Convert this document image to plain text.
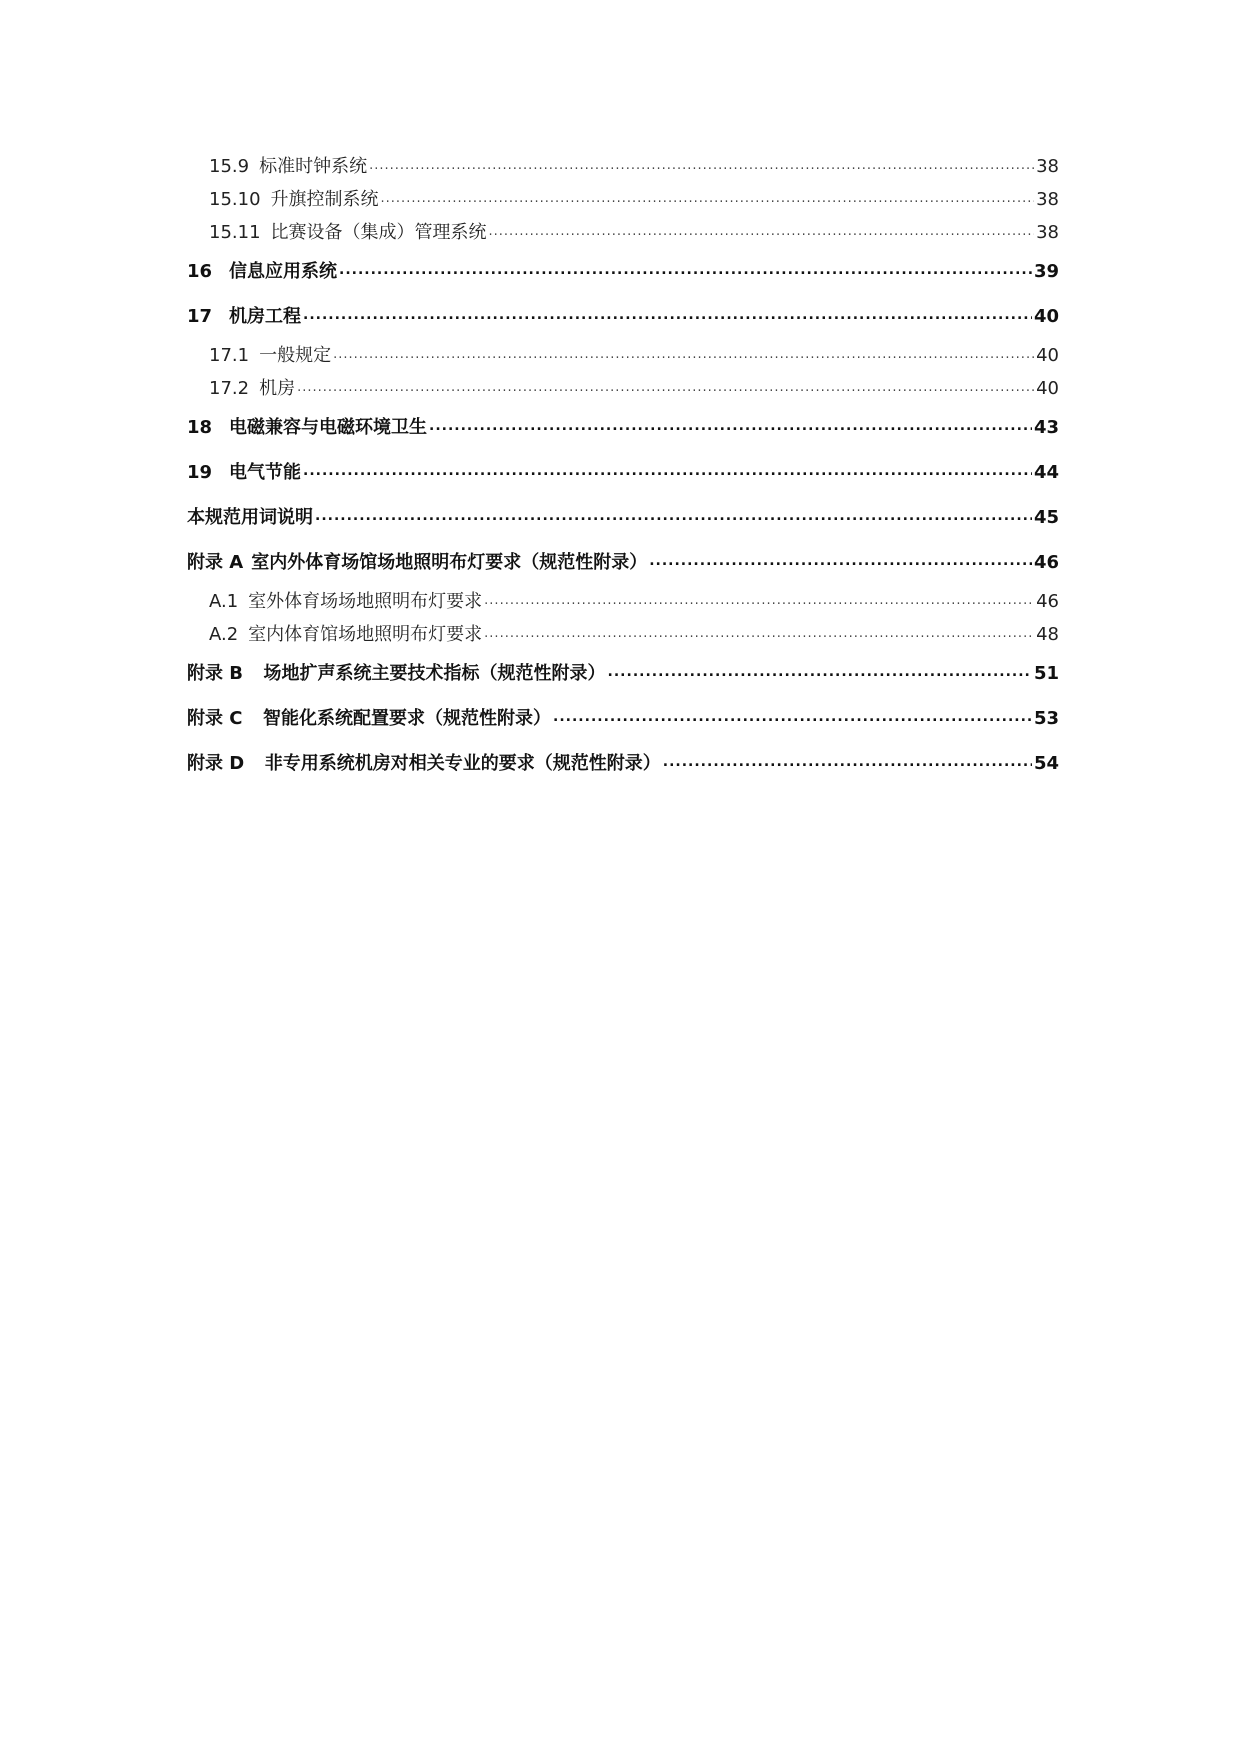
15.9 标准时钟系统 .....	38
15.10 升旗控制系统 .....	38
15.11 比赛设备（集成）管理系统 .....	38
16 信息应用系统 .....	39
17 机房工程 .....	40
17.1 一般规定 .....	40
17.2 机房 .....	40
18 电磁兼容与电磁环境卫生 .....	43
19 电气节能 .....	44
本规范用词说明 .....	45
附录 A 室内外体育场馆场地照明布灯要求（规范性附录） .....	46
A.1 室外体育场场地照明布灯要求 .....	46
A.2 室内体育馆场地照明布灯要求 .....	48
附录 B 场地扩声系统主要技术指标（规范性附录） .....	51
附录 C 智能化系统配置要求（规范性附录） .....	53
附录 D 非专用系统机房对相关专业的要求（规范性附录） .....	54
